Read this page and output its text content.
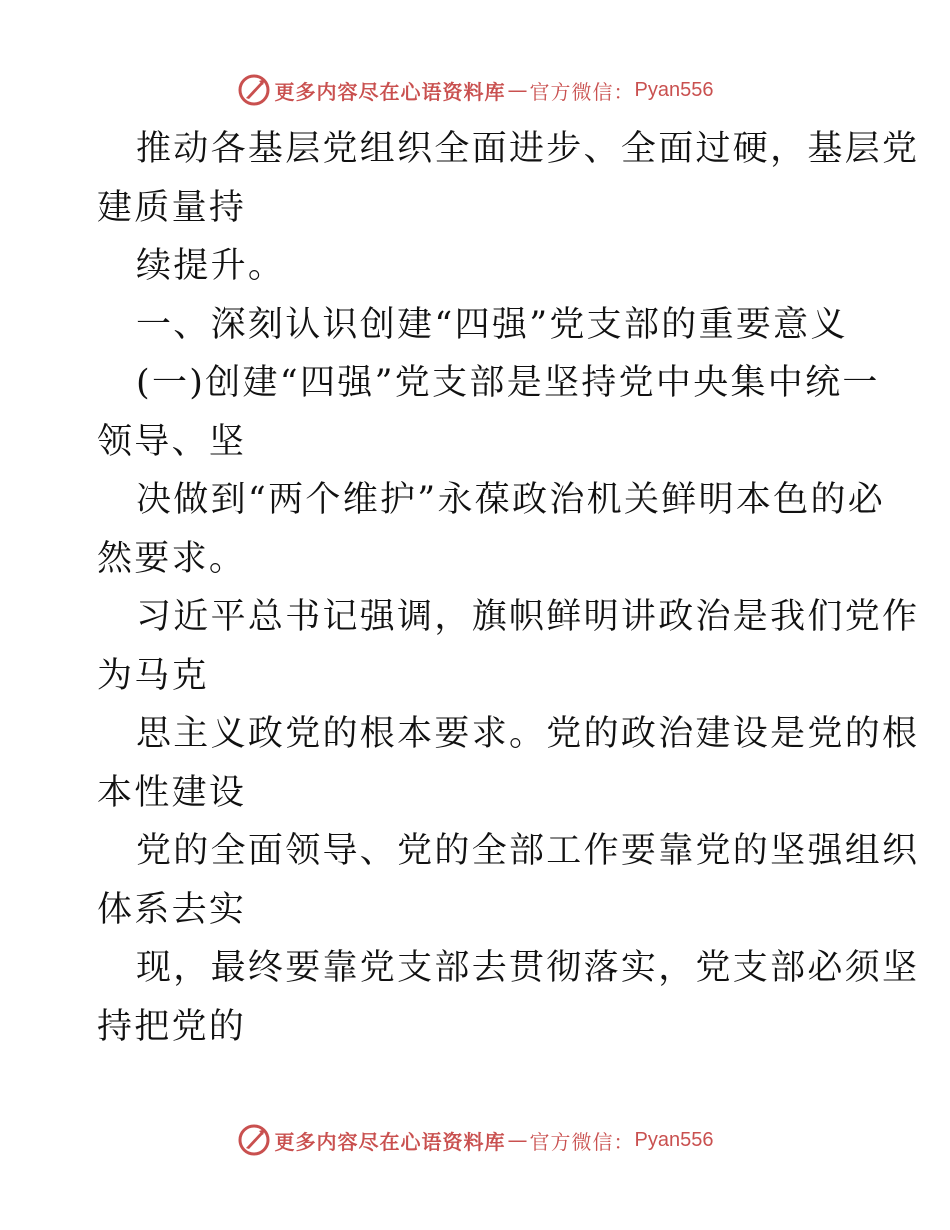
更多内容尽在心语资料库 — 官方微信： Pyan556
推动各基层党组织全面进步、全面过硬，基层党
建质量持
续提升。
一、深刻认识创建“四强”党支部的重要意义
(一)创建“四强”党支部是坚持党中央集中统一
领导、坚
决做到“两个维护”永葆政治机关鲜明本色的必
然要求。
习近平总书记强调，旗帜鲜明讲政治是我们党作
为马克
思主义政党的根本要求。党的政治建设是党的根
本性建设
党的全面领导、党的全部工作要靠党的坚强组织
体系去实
现，最终要靠党支部去贯彻落实，党支部必须坚
持把党的
更多内容尽在心语资料库 — 官方微信： Pyan556
